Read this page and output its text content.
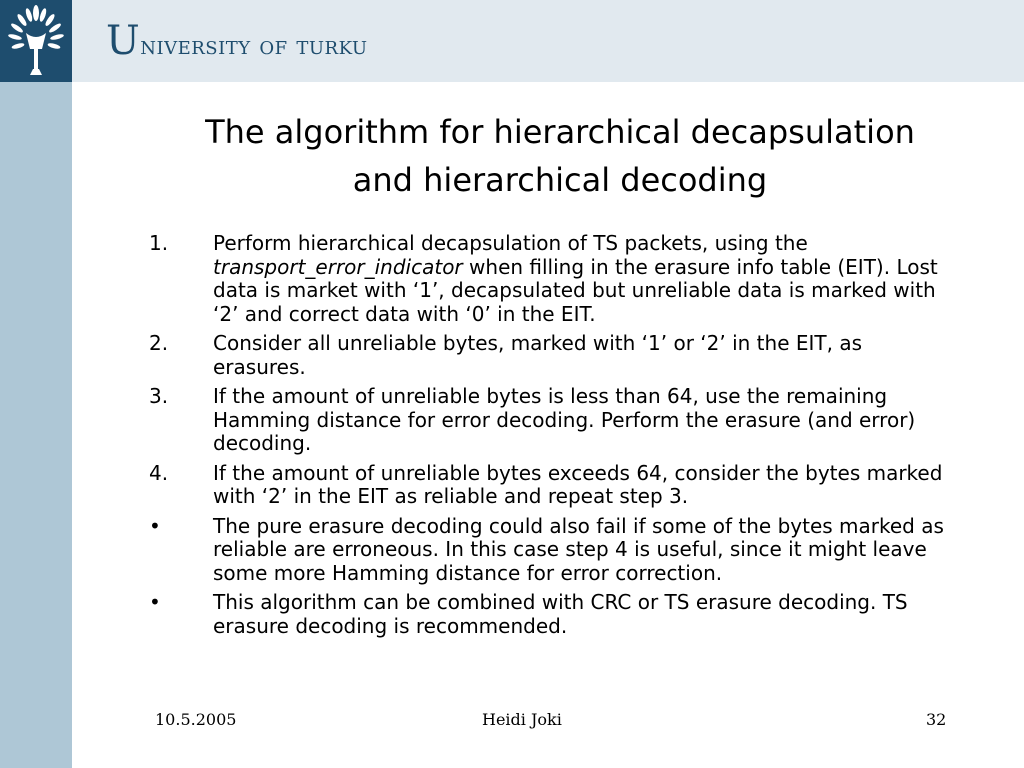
University of turku
The algorithm for hierarchical decapsulation
and hierarchical decoding
1.	Perform hierarchical decapsulation of TS packets, using the transport_error_indicator when filling in the erasure info table (EIT). Lost data is market with ‘1’, decapsulated but unreliable data is marked with ‘2’ and correct data with ‘0’ in the EIT.
2.	Consider all unreliable bytes, marked with ‘1’ or ‘2’ in the EIT, as erasures.
3.	If the amount of unreliable bytes is less than 64, use the remaining Hamming distance for error decoding. Perform the erasure (and error) decoding.
4.	If the amount of unreliable bytes exceeds 64, consider the bytes marked with ‘2’ in the EIT as reliable and repeat step 3.
•	The pure erasure decoding could also fail if some of the bytes marked as reliable are erroneous. In this case step 4 is useful, since it might leave some more Hamming distance for error correction.
•	This algorithm can be combined with CRC or TS erasure decoding. TS erasure decoding is recommended.
10.5.2005	Heidi Joki	32
